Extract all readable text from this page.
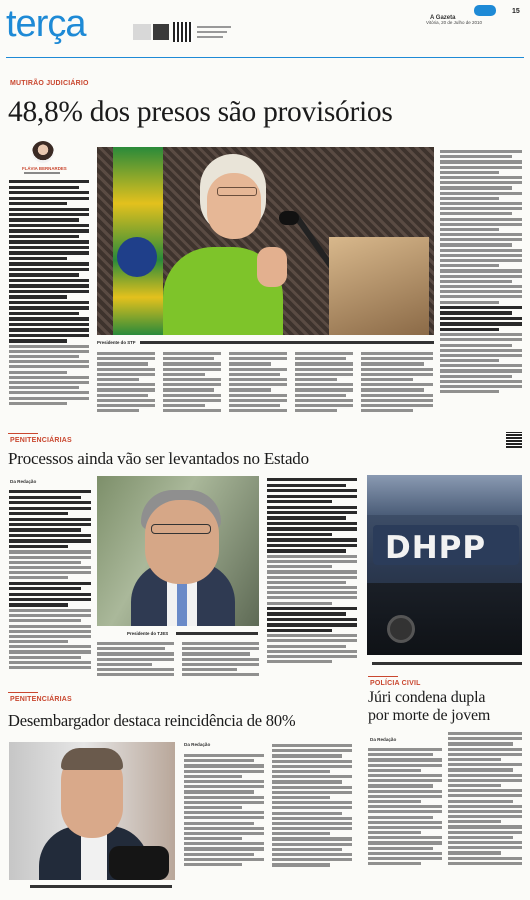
terça	A Gazeta
Vitória, 20 de Julho de 2010
15
MUTIRÃO JUDICIÁRIO
48,8% dos presos são provisórios
FLÁVIA BERNARDES
Presidente do STF
PENITENCIÁRIAS
Processos ainda vão ser levantados no Estado
Da Redação
Presidente do TJES
DHPP
POLÍCIA CIVIL
Júri condena dupla
por morte de jovem
Da Redação
PENITENCIÁRIAS
Desembargador destaca reincidência de 80%
Da Redação
